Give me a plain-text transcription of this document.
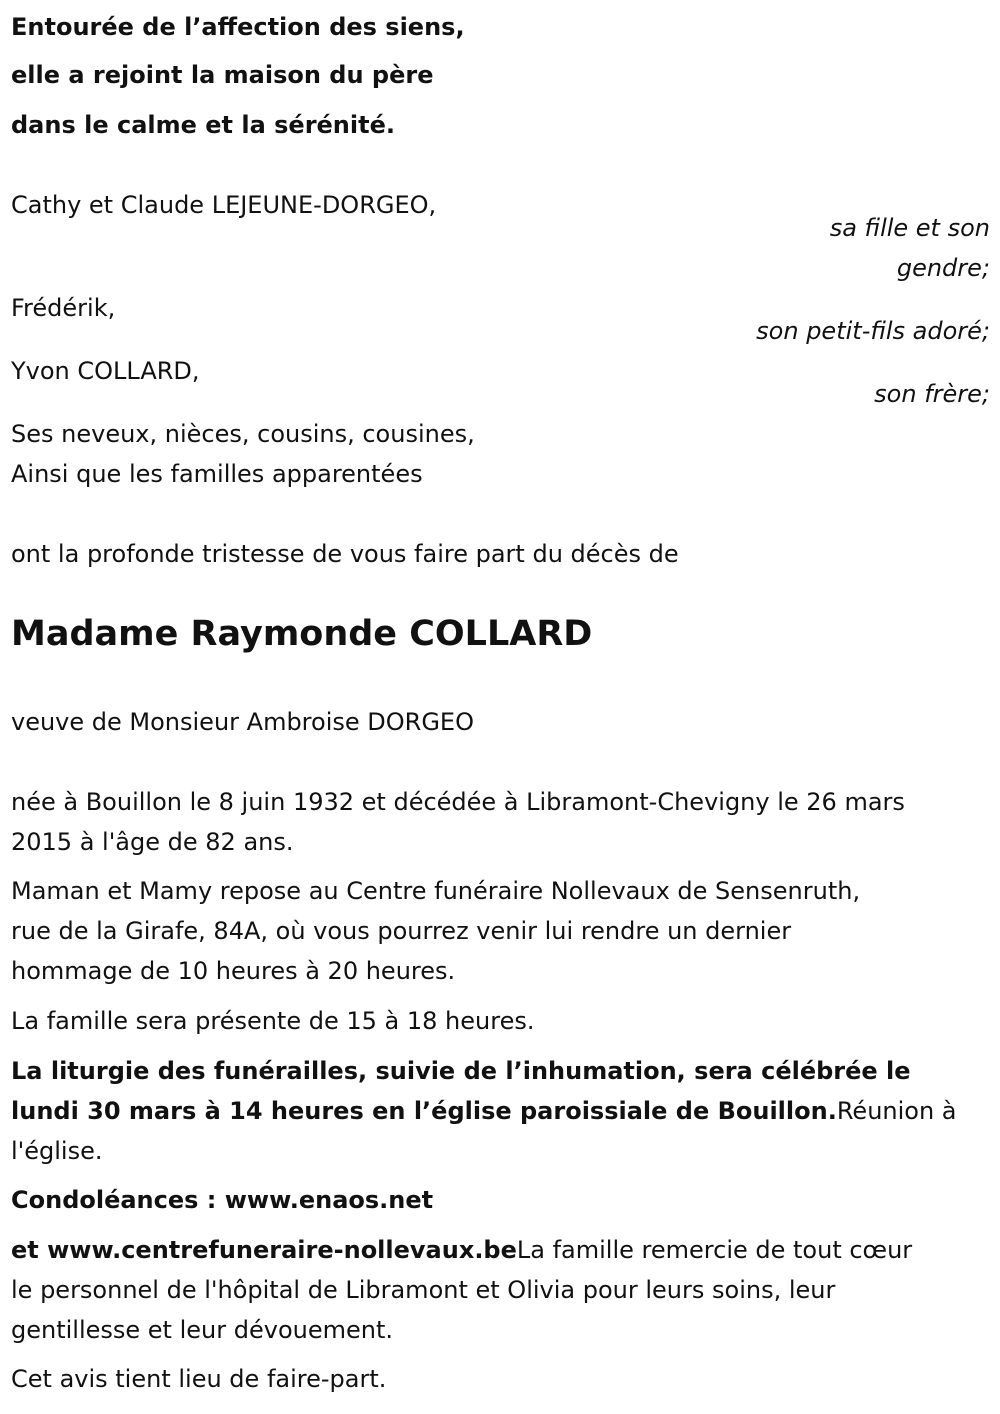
Entourée de l’affection des siens,
elle a rejoint la maison du père
dans le calme et la sérénité.
Cathy et Claude LEJEUNE-DORGEO,
sa fille et son
gendre;
Frédérik,
son petit-fils adoré;
Yvon COLLARD,
son frère;
Ses neveux, nièces, cousins, cousines,
Ainsi que les familles apparentées
ont la profonde tristesse de vous faire part du décès de
Madame Raymonde COLLARD
veuve de Monsieur Ambroise DORGEO
née à Bouillon le 8 juin 1932 et décédée à Libramont-Chevigny le 26 mars
2015 à l'âge de 82 ans.
Maman et Mamy repose au Centre funéraire Nollevaux de Sensenruth,
rue de la Girafe, 84A, où vous pourrez venir lui rendre un dernier
hommage de 10 heures à 20 heures.
La famille sera présente de 15 à 18 heures.
La liturgie des funérailles, suivie de l’inhumation, sera célébrée le
lundi 30 mars à 14 heures en l’église paroissiale de Bouillon.Réunion à
l'église.
Condoléances : www.enaos.net
et www.centrefuneraire-nollevaux.beLa famille remercie de tout cœur
le personnel de l'hôpital de Libramont et Olivia pour leurs soins, leur
gentillesse et leur dévouement.
Cet avis tient lieu de faire-part.
